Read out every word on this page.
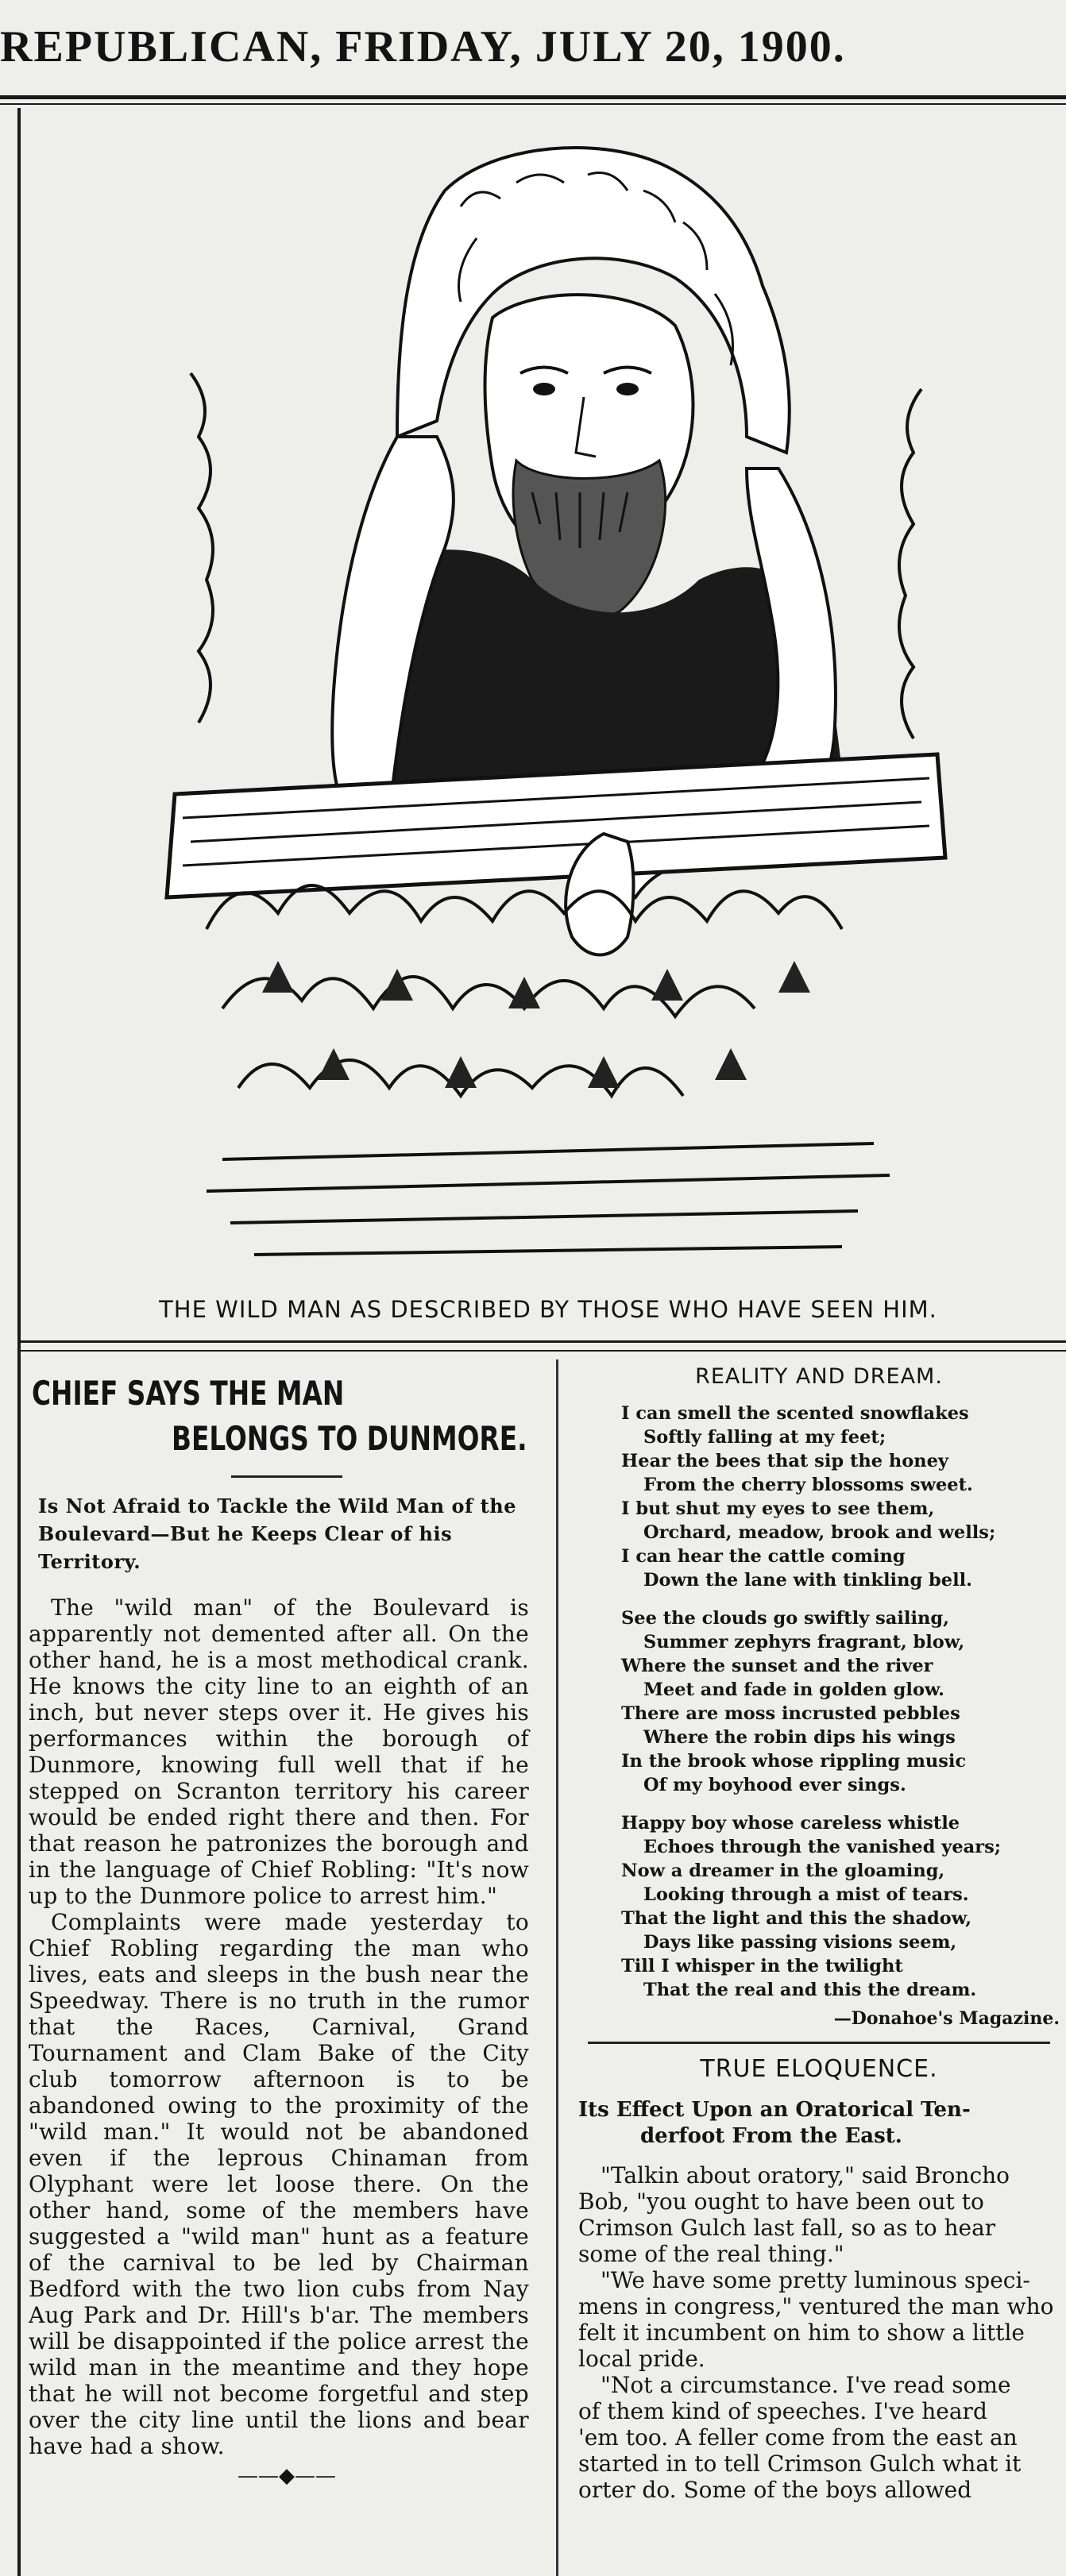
REPUBLICAN, FRIDAY, JULY 20, 1900.
THE WILD MAN AS DESCRIBED BY THOSE WHO HAVE SEEN HIM.
CHIEF SAYS THE MAN
BELONGS TO DUNMORE.
Is Not Afraid to Tackle the Wild Man of the Boulevard—But he Keeps Clear of his Territory.

The "wild man" of the Boulevard is apparently not demented after all. On the other hand, he is a most methodical crank. He knows the city line to an eighth of an inch, but never steps over it. He gives his performances within the borough of Dunmore, knowing full well that if he stepped on Scranton territory his career would be ended right there and then. For that reason he patronizes the borough and in the language of Chief Robling: "It's now up to the Dunmore police to arrest him."

Complaints were made yesterday to Chief Robling regarding the man who lives, eats and sleeps in the bush near the Speedway. There is no truth in the rumor that the Races, Carnival, Grand Tournament and Clam Bake of the City club tomorrow afternoon is to be abandoned owing to the proximity of the "wild man." It would not be abandoned even if the leprous Chinaman from Olyphant were let loose there. On the other hand, some of the members have suggested a "wild man" hunt as a feature of the carnival to be led by Chairman Bedford with the two lion cubs from Nay Aug Park and Dr. Hill's b'ar. The members will be disappointed if the police arrest the wild man in the meantime and they hope that he will not become forgetful and step over the city line until the lions and bear have had a show.

——◆——
REALITY AND DREAM.
I can smell the scented snowflakes
Softly falling at my feet;
Hear the bees that sip the honey
From the cherry blossoms sweet.
I but shut my eyes to see them,
Orchard, meadow, brook and wells;
I can hear the cattle coming
Down the lane with tinkling bell.
See the clouds go swiftly sailing,
Summer zephyrs fragrant, blow,
Where the sunset and the river
Meet and fade in golden glow.
There are moss incrusted pebbles
Where the robin dips his wings
In the brook whose rippling music
Of my boyhood ever sings.
Happy boy whose careless whistle
Echoes through the vanished years;
Now a dreamer in the gloaming,
Looking through a mist of tears.
That the light and this the shadow,
Days like passing visions seem,
Till I whisper in the twilight
That the real and this the dream.
—Donahoe's Magazine.
TRUE ELOQUENCE.
Its Effect Upon an Oratorical Ten-
derfoot From the East.
"Talkin about oratory," said Broncho
Bob, "you ought to have been out to
Crimson Gulch last fall, so as to hear
some of the real thing."
"We have some pretty luminous speci-
mens in congress," ventured the man who
felt it incumbent on him to show a little
local pride.
"Not a circumstance. I've read some
of them kind of speeches. I've heard
'em too. A feller come from the east an
started in to tell Crimson Gulch what it
orter do. Some of the boys allowed
